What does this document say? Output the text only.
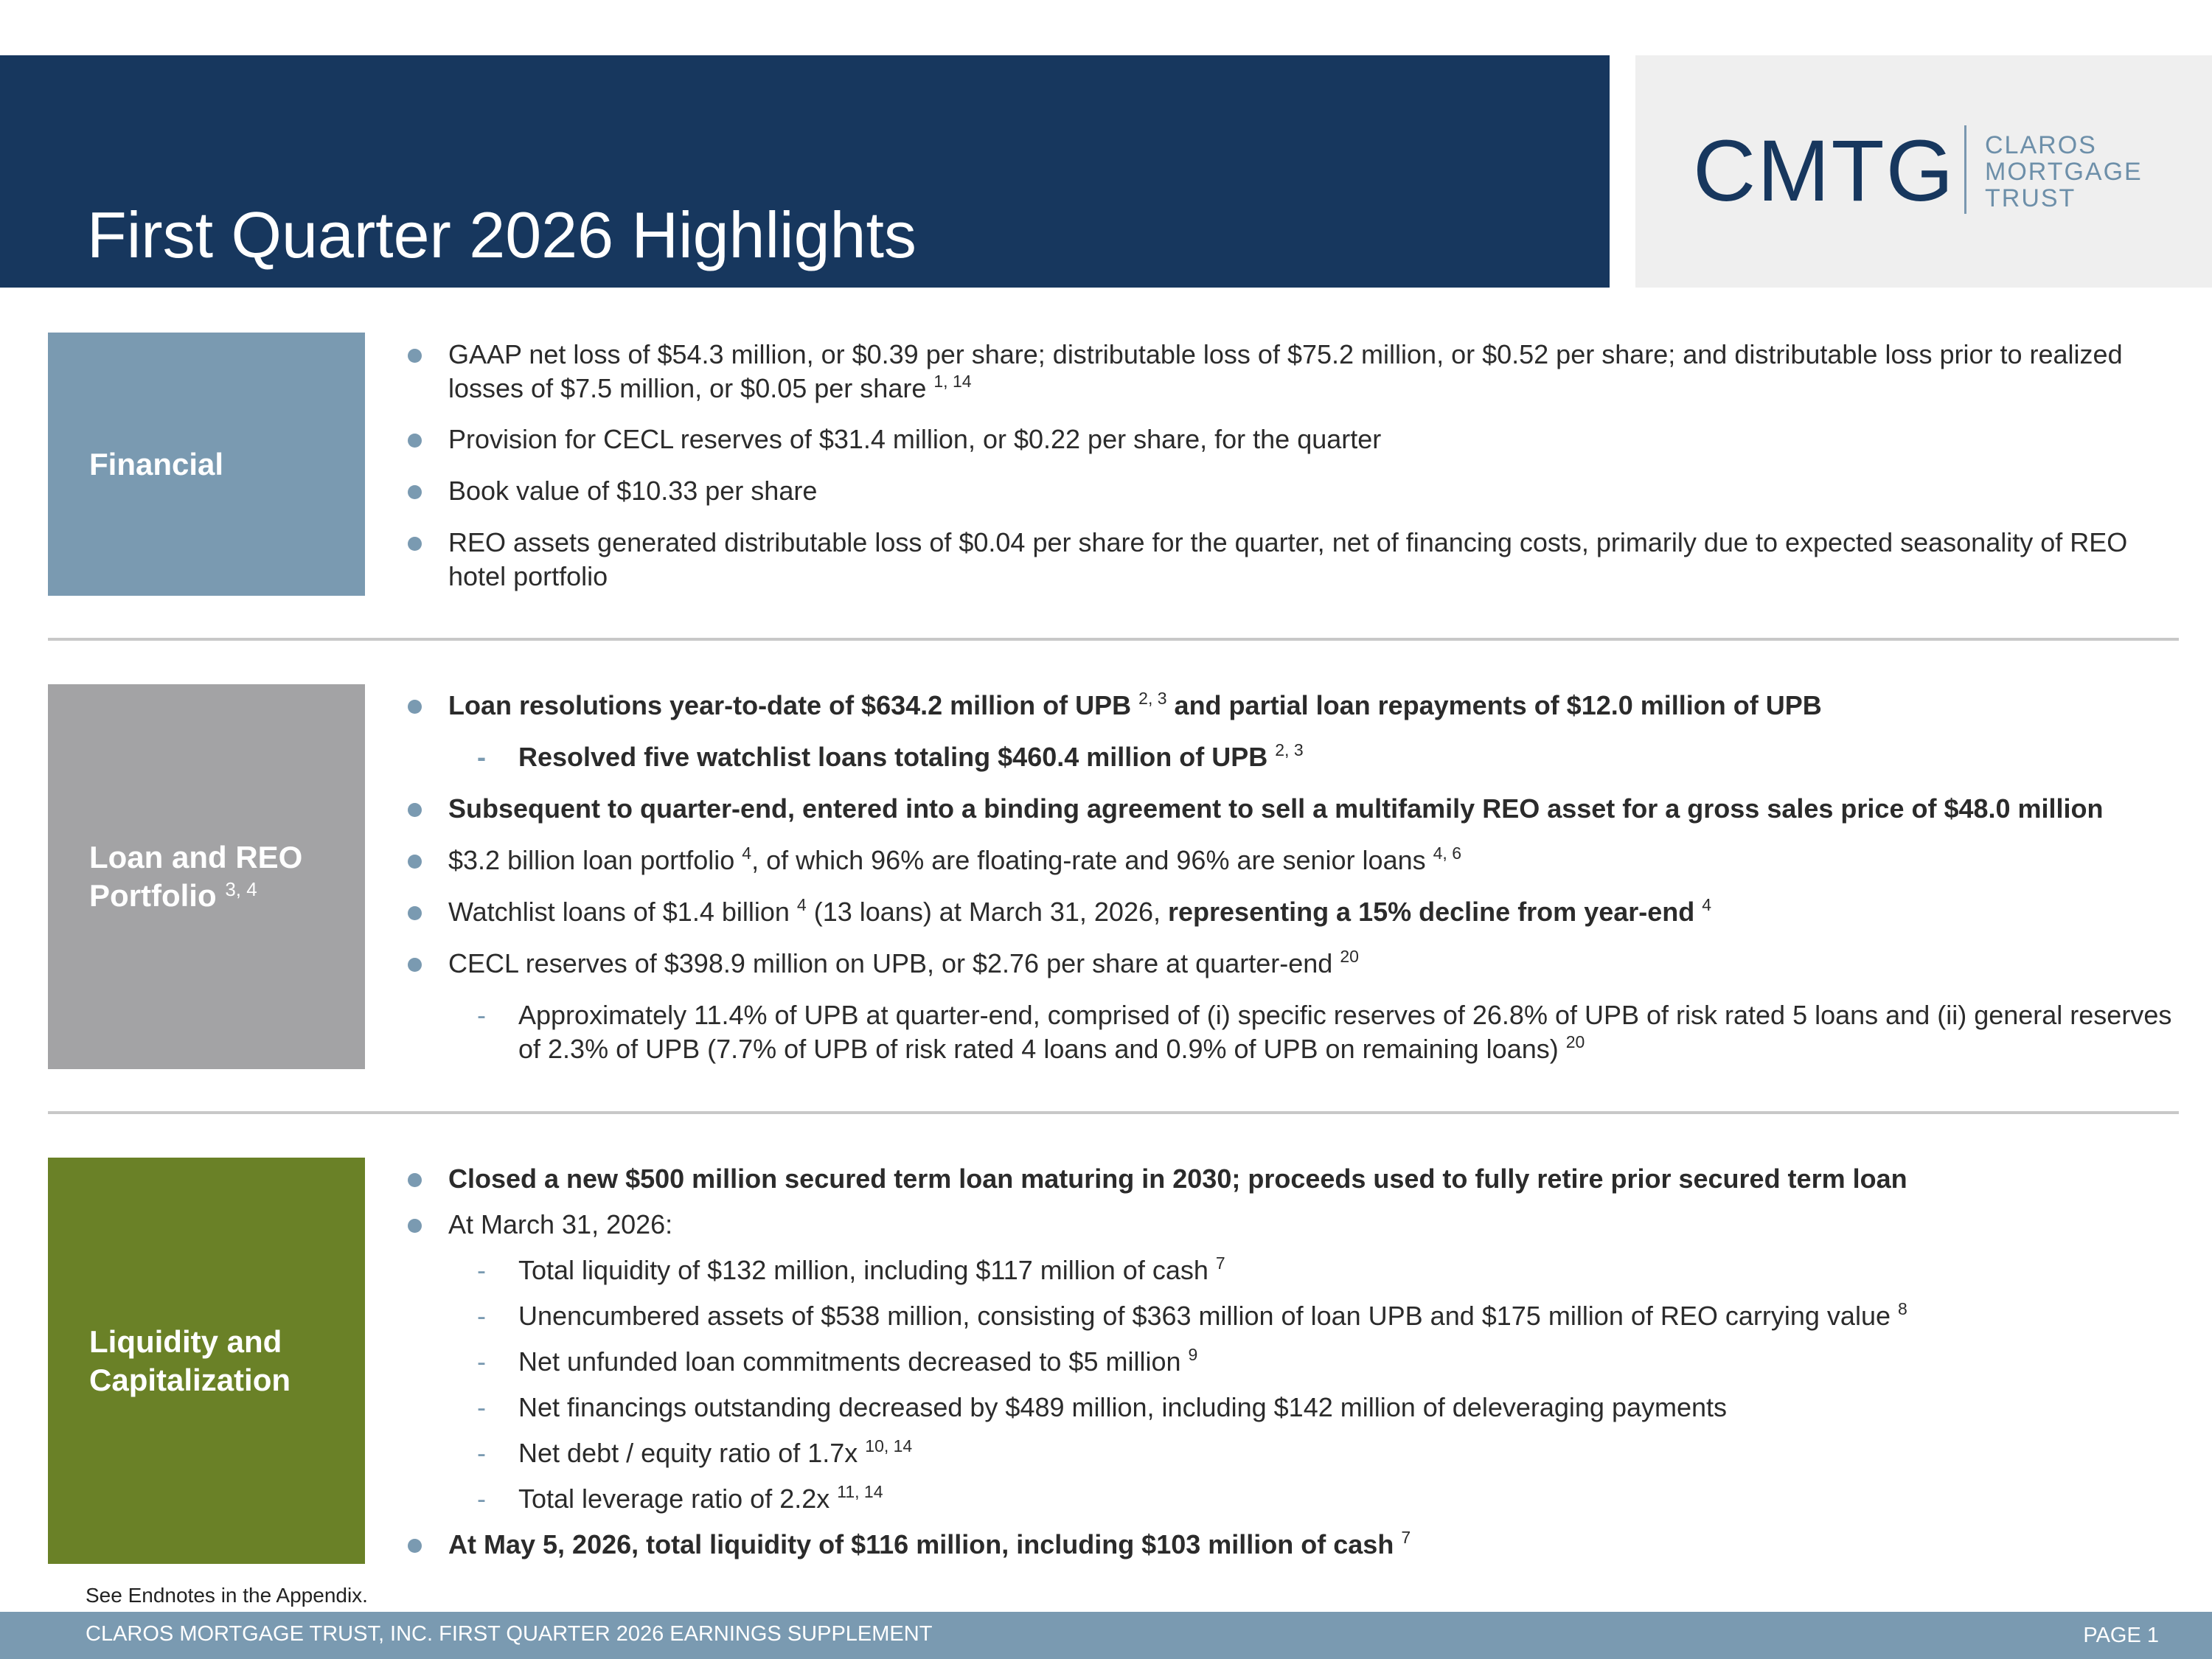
First Quarter 2026 Highlights
CMTG CLAROS
MORTGAGE
TRUST
Financial
GAAP net loss of $54.3 million, or $0.39 per share; distributable loss of $75.2 million, or $0.52 per share; and distributable loss prior to realized losses of $7.5 million, or $0.05 per share $^{1, 14}$
Provision for CECL reserves of $31.4 million, or $0.22 per share, for the quarter
Book value of $10.33 per share
REO assets generated distributable loss of $0.04 per share for the quarter, net of financing costs, primarily due to expected seasonality of REO hotel portfolio
Loan and REO
Portfolio $^{3, 4}$
Loan resolutions year-to-date of $634.2 million of UPB $^{2, 3}$ and partial loan repayments of $12.0 million of UPB
- Resolved five watchlist loans totaling $460.4 million of UPB $^{2, 3}$
Subsequent to quarter-end, entered into a binding agreement to sell a multifamily REO asset for a gross sales price of $48.0 million
$3.2 billion loan portfolio $^4$, of which 96% are floating-rate and 96% are senior loans $^{4, 6}$
Watchlist loans of $1.4 billion $^4$ (13 loans) at March 31, 2026, representing a 15% decline from year-end $^4$
CECL reserves of $398.9 million on UPB, or $2.76 per share at quarter-end $^{20}$
- Approximately 11.4% of UPB at quarter-end, comprised of (i) specific reserves of 26.8% of UPB of risk rated 5 loans and (ii) general reserves of 2.3% of UPB (7.7% of UPB of risk rated 4 loans and 0.9% of UPB on remaining loans) $^{20}$
Liquidity and
Capitalization
Closed a new $500 million secured term loan maturing in 2030; proceeds used to fully retire prior secured term loan
At March 31, 2026:
- Total liquidity of $132 million, including $117 million of cash $^7$
- Unencumbered assets of $538 million, consisting of $363 million of loan UPB and $175 million of REO carrying value $^8$
- Net unfunded loan commitments decreased to $5 million $^9$
- Net financings outstanding decreased by $489 million, including $142 million of deleveraging payments
- Net debt / equity ratio of 1.7x $^{10, 14}$
- Total leverage ratio of 2.2x $^{11, 14}$
At May 5, 2026, total liquidity of $116 million, including $103 million of cash $^7$
See Endnotes in the Appendix.
CLAROS MORTGAGE TRUST, INC. FIRST QUARTER 2026 EARNINGS SUPPLEMENT	PAGE 1
